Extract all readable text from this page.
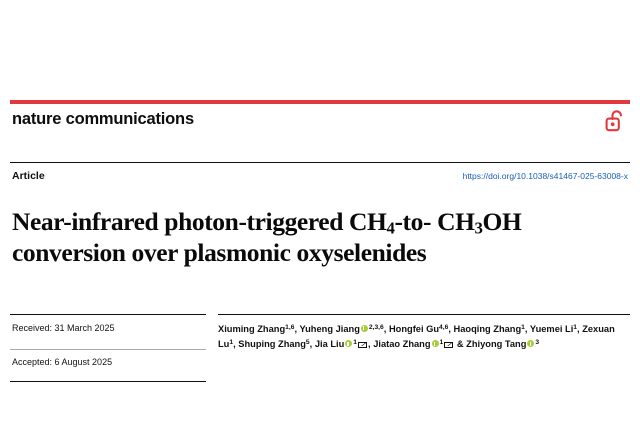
nature communications
Article	https://doi.org/10.1038/s41467-025-63008-x
Near-infrared photon-triggered $CH_4-to-$ $CH_3OH$ conversion over plasmonic oxyselenides
Received: 31 March 2025
Accepted: 6 August 2025
Xiuming Zhang$^{1,6}$, Yuheng Jiang $^{2,3,6}$, Hongfei Gu$^{4,6}$, Haoqing Zhang$^1$, Yuemei Li$^1$, Zexuan Lu$^1$, Shuping Zhang$^5$, Jia Liu $^1$ , Jiatao Zhang $^1$ & Zhiyong Tang $^3$
